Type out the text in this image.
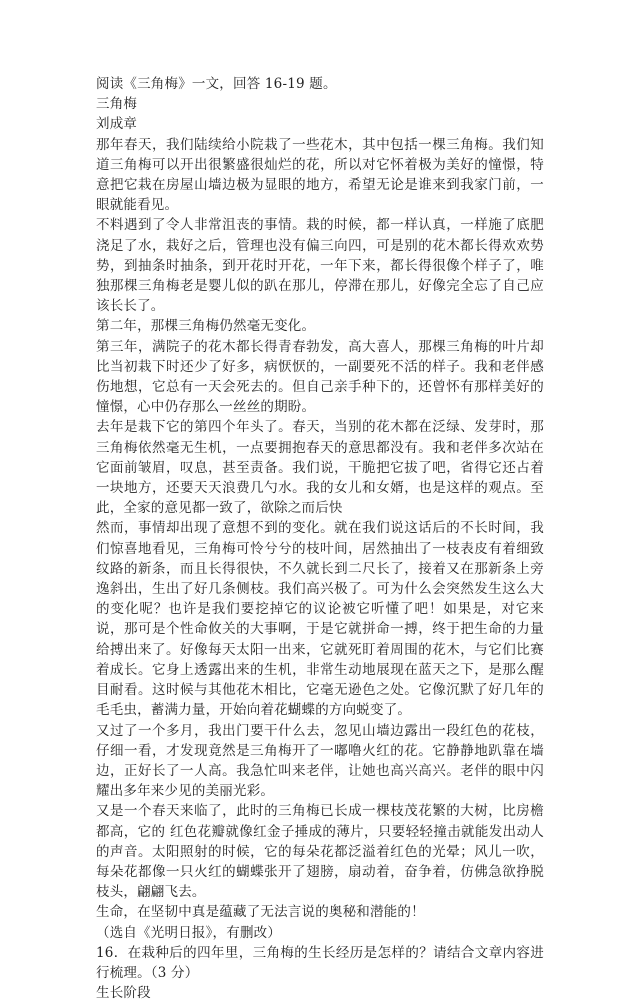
阅读《三角梅》一文，回答 16-19 题。

三角梅

刘成章

那年春天，我们陆续给小院栽了一些花木，其中包括一棵三角梅。我们知道三角梅可以开出很繁盛很灿烂的花，所以对它怀着极为美好的憧憬，特意把它栽在房屋山墙边极为显眼的地方，希望无论是谁来到我家门前，一眼就能看见。

不料遇到了令人非常沮丧的事情。栽的时候，都一样认真，一样施了底肥浇足了水，栽好之后，管理也没有偏三向四，可是别的花木都长得欢欢势势，到抽条时抽条，到开花时开花，一年下来，都长得很像个样子了，唯独那棵三角梅老是婴儿似的趴在那儿，停滞在那儿，好像完全忘了自己应该长长了。

第二年，那棵三角梅仍然毫无变化。

第三年，满院子的花木都长得青春勃发，高大喜人，那棵三角梅的叶片却比当初栽下时还少了好多，病恹恹的，一副要死不活的样子。我和老伴感伤地想，它总有一天会死去的。但自己亲手种下的，还曾怀有那样美好的憧憬，心中仍存那么一丝丝的期盼。

去年是栽下它的第四个年头了。春天，当别的花木都在泛绿、发芽时，那三角梅依然毫无生机，一点要拥抱春天的意思都没有。我和老伴多次站在它面前皱眉，叹息，甚至责备。我们说，干脆把它拔了吧，省得它还占着一块地方，还要天天浪费几勺水。我的女儿和女婿，也是这样的观点。至此，全家的意见都一致了，欲除之而后快

然而，事情却出现了意想不到的变化。就在我们说这话后的不长时间，我们惊喜地看见，三角梅可怜兮兮的枝叶间，居然抽出了一枝表皮有着细致纹路的新条，而且长得很快，不久就长到二尺长了，接着又在那新条上旁逸斜出，生出了好几条侧枝。我们高兴极了。可为什么会突然发生这么大的变化呢？也许是我们要挖掉它的议论被它听懂了吧！如果是，对它来说，那可是个性命攸关的大事啊，于是它就拼命一搏，终于把生命的力量给搏出来了。好像每天太阳一出来，它就死盯着周围的花木，与它们比赛着成长。它身上透露出来的生机，非常生动地展现在蓝天之下，是那么醒目耐看。这时候与其他花木相比，它毫无逊色之处。它像沉默了好几年的毛毛虫，蓄满力量，开始向着花蝴蝶的方向蜕变了。

又过了一个多月，我出门要干什么去，忽见山墙边露出一段红色的花枝，仔细一看，才发现竟然是三角梅开了一嘟噜火红的花。它静静地趴靠在墙边，正好长了一人高。我急忙叫来老伴，让她也高兴高兴。老伴的眼中闪 耀出多年来少见的美丽光彩。

又是一个春天来临了，此时的三角梅已长成一棵枝茂花繁的大树，比房檐都高，它的 红色花瓣就像红金子捶成的薄片，只要轻轻撞击就能发出动人的声音。太阳照射的时候，它的每朵花都泛溢着红色的光晕；风儿一吹，每朵花都像一只火红的蝴蝶张开了翅膀，扇动着，奋争着，仿佛急欲挣脱枝头，翩翩飞去。

生命，在坚韧中真是蕴藏了无法言说的奥秘和潜能的！

（选自《光明日报》，有删改）

16．在栽种后的四年里，三角梅的生长经历是怎样的？请结合文章内容进行梳理。（3 分）

生长阶段
